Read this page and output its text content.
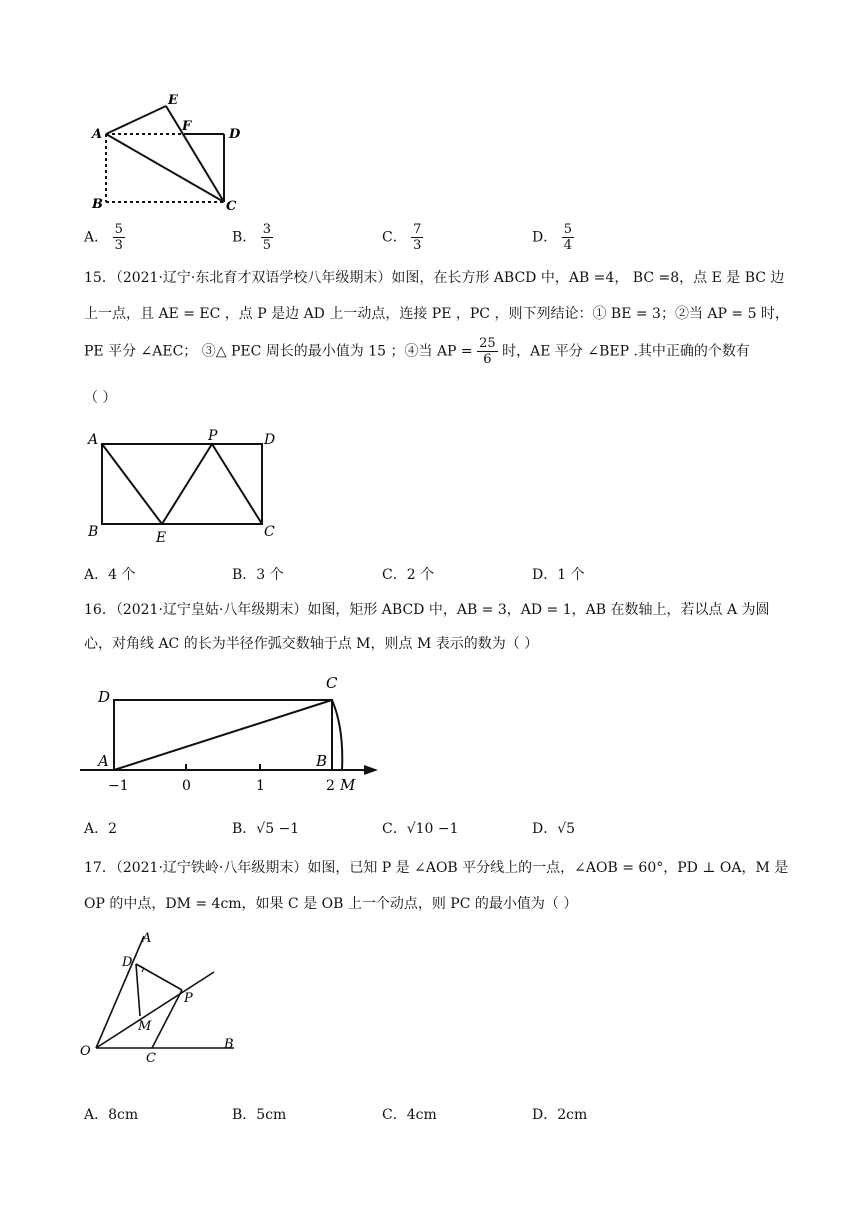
A
B	C
D
E
F
A． $\frac{5}{3}$	B． $\frac{3}{5}$	C． $\frac{7}{3}$	D． $\frac{5}{4}$
15．（2021·辽宁·东北育才双语学校八年级期末）如图，在长方形 ABCD 中，AB =4， BC =8，点 E 是 BC 边
上一点，且 AE = EC ，点 P 是边 AD 上一动点，连接 PE ，PC ，则下列结论：① BE = 3；②当 AP = 5 时，
PE 平分 ∠AEC； ③△ PEC 周长的最小值为 15 ；④当 AP = $\frac{25}{6}$ 时，AE 平分 ∠BEP .其中正确的个数有
（ ）
A
B	C
D
E
P
A．4 个	B．3 个	C．2 个	D．1 个
16．（2021·辽宁皇姑·八年级期末）如图，矩形 ABCD 中，AB = 3，AD = 1，AB 在数轴上，若以点 A 为圆
心，对角线 AC 的长为半径作弧交数轴于点 M，则点 M 表示的数为（ ）
D
A	B
C
M
−1	0	1	2
A．2	B．√5 −1	C．√10 −1	D．√5
17．（2021·辽宁铁岭·八年级期末）如图，已知 P 是 ∠AOB 平分线上的一点，∠AOB = 60°，PD ⊥ OA，M 是
OP 的中点，DM = 4cm，如果 C 是 OB 上一个动点，则 PC 的最小值为（ ）
A
B
C
D
M
O
P
A．8cm	B．5cm	C．4cm	D．2cm
